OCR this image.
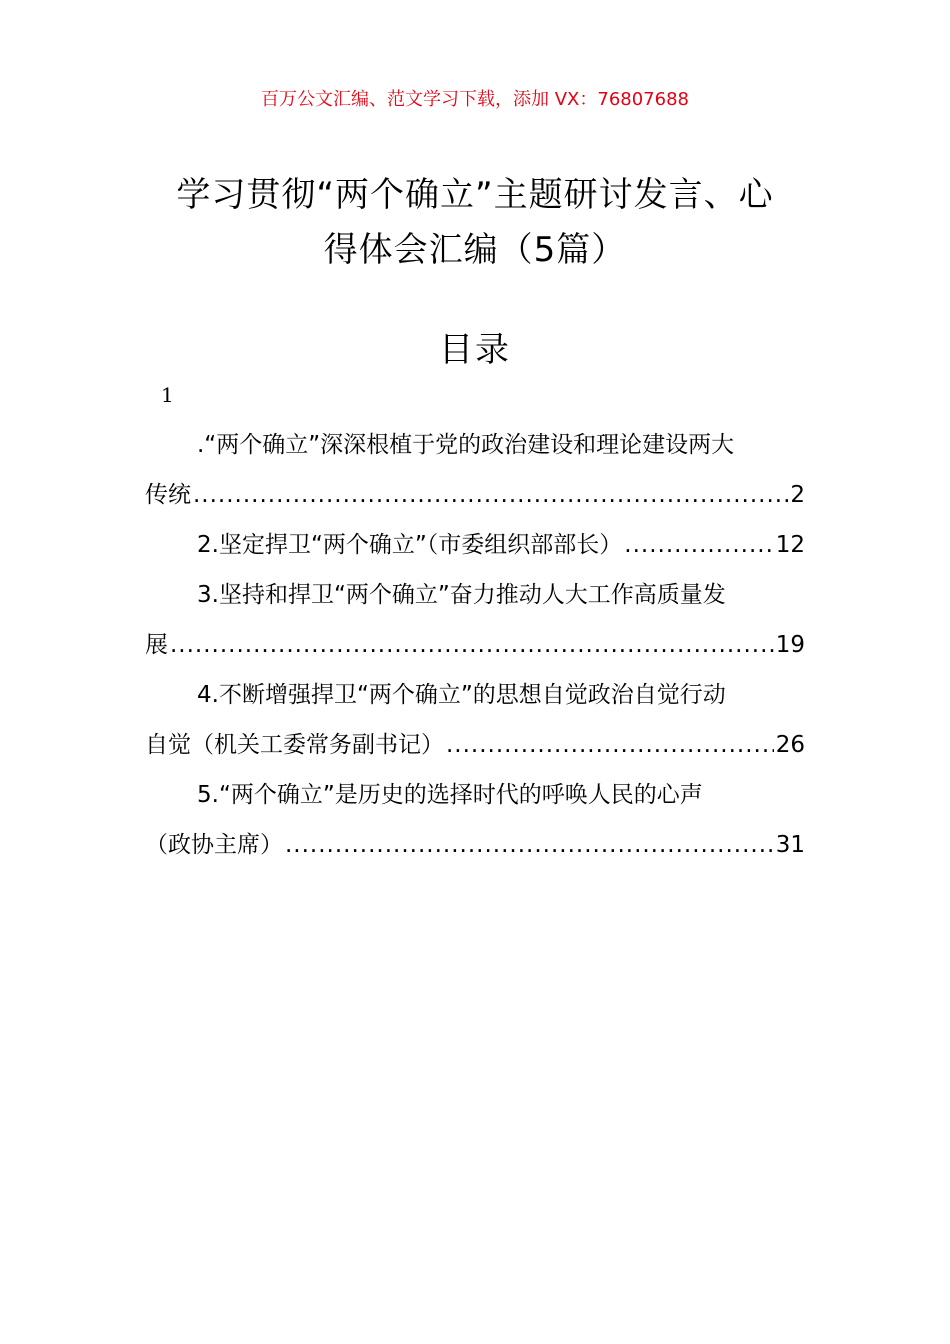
百万公文汇编、范文学习下载，添加 VX：76807688
学习贯彻“两个确立”主题研讨发言、心
得体会汇编（5篇）
目录
1
.“两个确立”深深根植于党的政治建设和理论建设两大
传统 .....	2
2.坚定捍卫“两个确立”（市委组织部部长） .....	12
3.坚持和捍卫“两个确立”奋力推动人大工作高质量发
展 .....	19
4.不断增强捍卫“两个确立”的思想自觉政治自觉行动
自觉（机关工委常务副书记） .....	26
5.“两个确立”是历史的选择时代的呼唤人民的心声
（政协主席） .....	31
